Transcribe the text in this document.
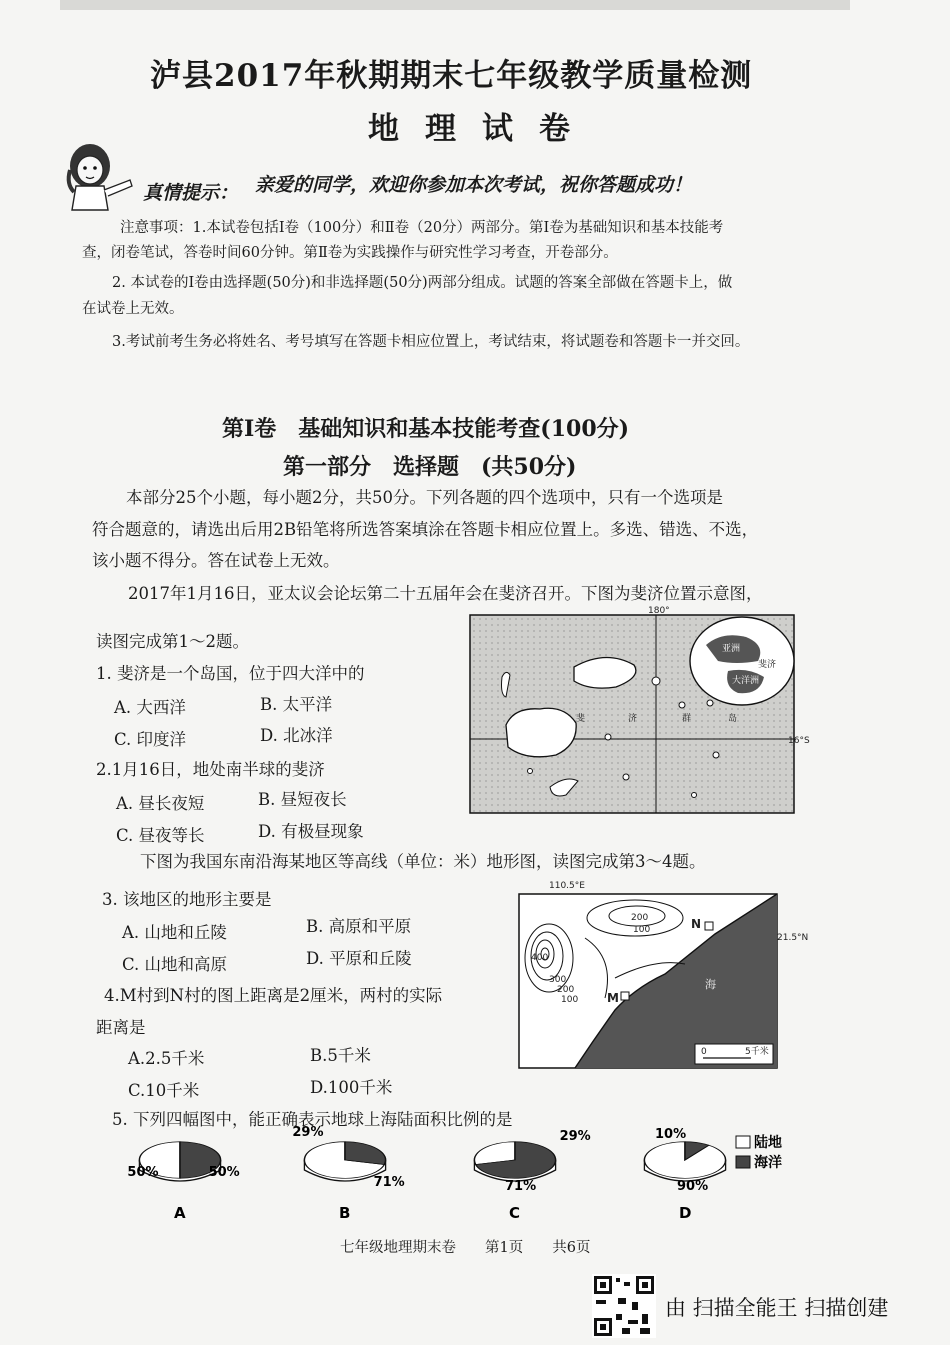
泸县2017年秋期期末七年级教学质量检测
地理试卷
真情提示： 亲爱的同学，欢迎你参加本次考试，祝你答题成功！
注意事项：1.本试卷包括Ⅰ卷（100分）和Ⅱ卷（20分）两部分。第Ⅰ卷为基础知识和基本技能考
查，闭卷笔试，答卷时间60分钟。第Ⅱ卷为实践操作与研究性学习考查，开卷部分。
2. 本试卷的Ⅰ卷由选择题(50分)和非选择题(50分)两部分组成。试题的答案全部做在答题卡上，做
在试卷上无效。
3.考试前考生务必将姓名、考号填写在答题卡相应位置上，考试结束，将试题卷和答题卡一并交回。
第Ⅰ卷　基础知识和基本技能考查(100分)
第一部分　选择题　(共50分)
本部分25个小题，每小题2分，共50分。下列各题的四个选项中，只有一个选项是
符合题意的，请选出后用2B铅笔将所选答案填涂在答题卡相应位置上。多选、错选、不选，
该小题不得分。答在试卷上无效。
2017年1月16日，亚太议会论坛第二十五届年会在斐济召开。下图为斐济位置示意图，
读图完成第1～2题。
斐	济	群	岛
亚洲
大洋洲
斐济
180°
16°S
1. 斐济是一个岛国，位于四大洋中的
A. 大西洋	B. 太平洋
C. 印度洋	D. 北冰洋
2.1月16日，地处南半球的斐济
A. 昼长夜短	B. 昼短夜长
C. 昼夜等长	D. 有极昼现象
下图为我国东南沿海某地区等高线（单位：米）地形图，读图完成第3～4题。
110.5°E
21.5°N
200
100
400
300
200
100
N
M
海
0	5千米
3. 该地区的地形主要是
A. 山地和丘陵	B. 高原和平原
C. 山地和高原	D. 平原和丘陵
4.M村到N村的图上距离是2厘米，两村的实际
距离是
A.2.5千米	B.5千米
C.10千米	D.100千米
5. 下列四幅图中，能正确表示地球上海陆面积比例的是
50%	50%
A
29%
71%
B
71%
29%
C
10%
90%
D
陆地
海洋
七年级地理期末卷　　第1页　　共6页
由 扫描全能王 扫描创建
